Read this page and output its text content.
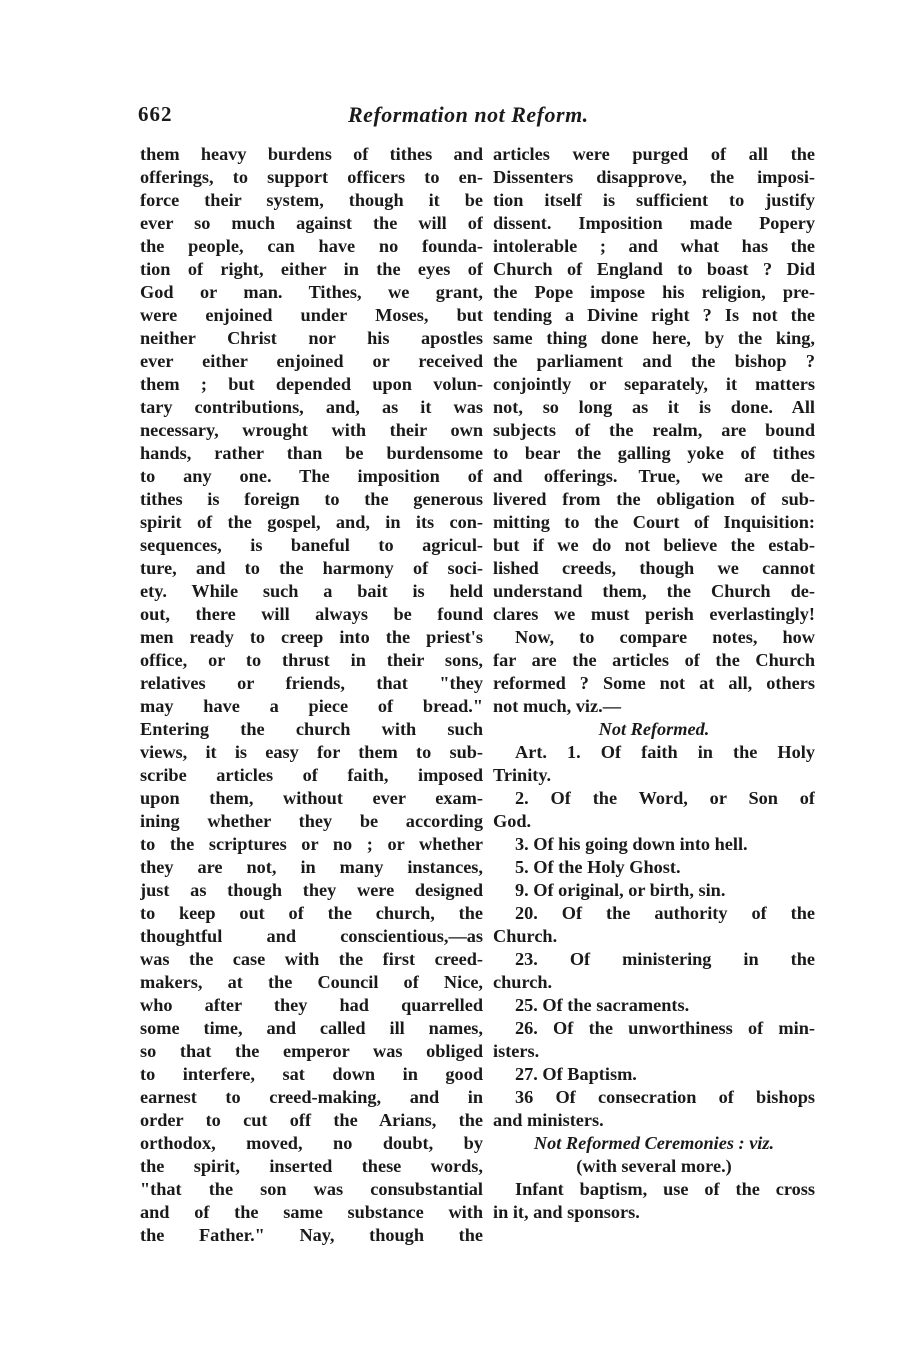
662	Reformation not Reform.
them heavy burdens of tithes and
offerings, to support officers to en-
force their system, though it be
ever so much against the will of
the people, can have no founda-
tion of right, either in the eyes of
God or man. Tithes, we grant,
were enjoined under Moses, but
neither Christ nor his apostles
ever either enjoined or received
them ; but depended upon volun-
tary contributions, and, as it was
necessary, wrought with their own
hands, rather than be burdensome
to any one. The imposition of
tithes is foreign to the generous
spirit of the gospel, and, in its con-
sequences, is baneful to agricul-
ture, and to the harmony of soci-
ety. While such a bait is held
out, there will always be found
men ready to creep into the priest's
office, or to thrust in their sons,
relatives or friends, that "they
may have a piece of bread."
Entering the church with such
views, it is easy for them to sub-
scribe articles of faith, imposed
upon them, without ever exam-
ining whether they be according
to the scriptures or no ; or whether
they are not, in many instances,
just as though they were designed
to keep out of the church, the
thoughtful and conscientious,—as
was the case with the first creed-
makers, at the Council of Nice,
who after they had quarrelled
some time, and called ill names,
so that the emperor was obliged
to interfere, sat down in good
earnest to creed-making, and in
order to cut off the Arians, the
orthodox, moved, no doubt, by
the spirit, inserted these words,
"that the son was consubstantial
and of the same substance with
the Father." Nay, though the
articles were purged of all the
Dissenters disapprove, the imposi-
tion itself is sufficient to justify
dissent. Imposition made Popery
intolerable ; and what has the
Church of England to boast ? Did
the Pope impose his religion, pre-
tending a Divine right ? Is not the
same thing done here, by the king,
the parliament and the bishop ?
conjointly or separately, it matters
not, so long as it is done. All
subjects of the realm, are bound
to bear the galling yoke of tithes
and offerings. True, we are de-
livered from the obligation of sub-
mitting to the Court of Inquisition:
but if we do not believe the estab-
lished creeds, though we cannot
understand them, the Church de-
clares we must perish everlastingly!
Now, to compare notes, how
far are the articles of the Church
reformed ? Some not at all, others
not much, viz.—
Not Reformed.
Art. 1. Of faith in the Holy
Trinity.
2. Of the Word, or Son of
God.
3. Of his going down into hell.
5. Of the Holy Ghost.
9. Of original, or birth, sin.
20. Of the authority of the
Church.
23. Of ministering in the
church.
25. Of the sacraments.
26. Of the unworthiness of min-
isters.
27. Of Baptism.
36 Of consecration of bishops
and ministers.
Not Reformed Ceremonies : viz.
(with several more.)
Infant baptism, use of the cross
in it, and sponsors.
